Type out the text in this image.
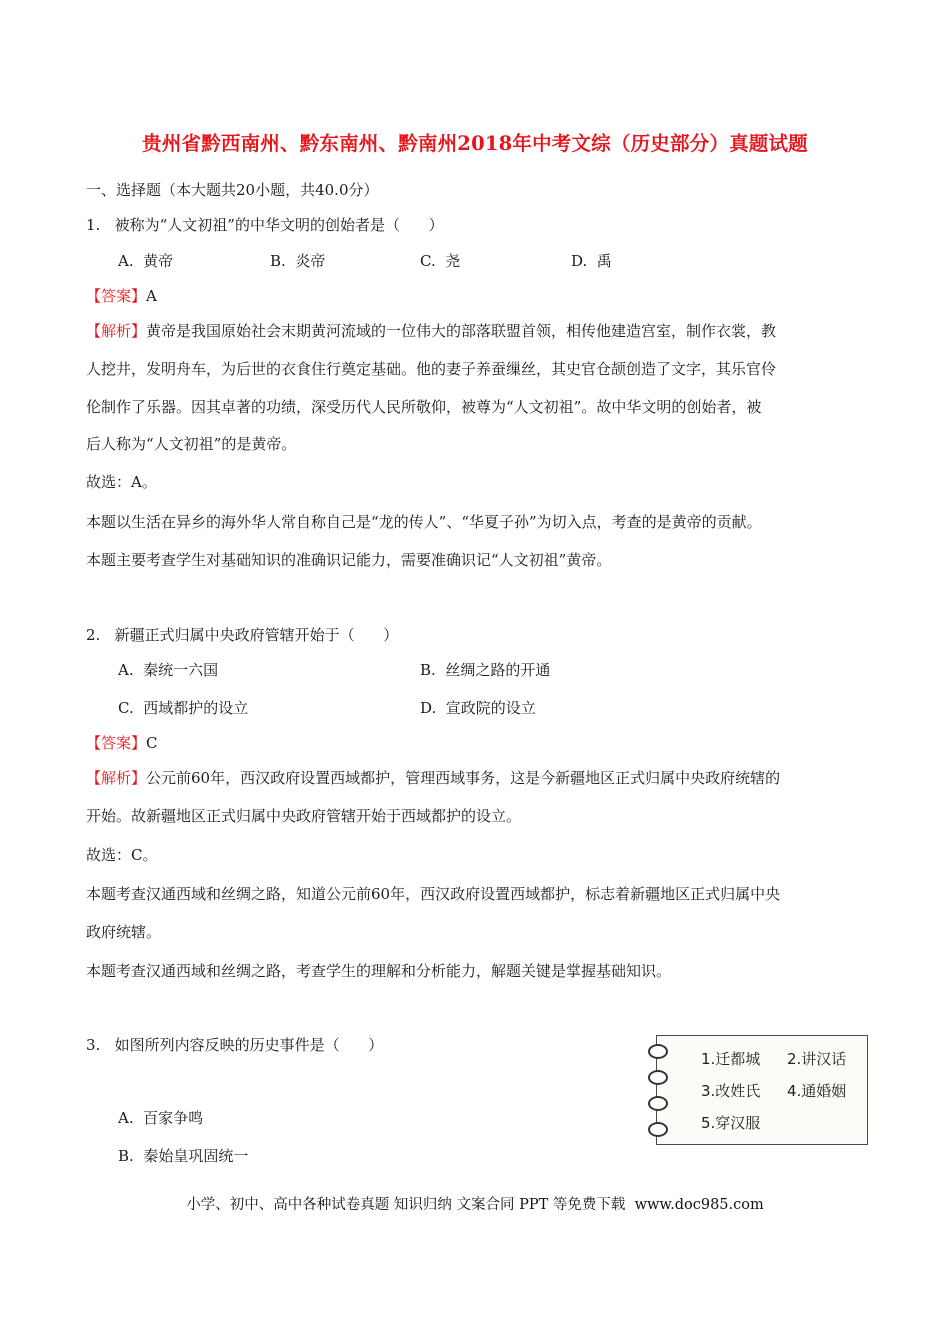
贵州省黔西南州、黔东南州、黔南州2018年中考文综（历史部分）真题试题
一、选择题（本大题共20小题，共40.0分）
1.   被称为“人文初祖”的中华文明的创始者是（      ）
A.  黄帝	B.  炎帝	C.  尧	D.  禹
【答案】A
【解析】黄帝是我国原始社会末期黄河流域的一位伟大的部落联盟首领，相传他建造宫室，制作衣裳，教
人挖井，发明舟车，为后世的衣食住行奠定基础。他的妻子养蚕缫丝，其史官仓颉创造了文字，其乐官伶
伦制作了乐器。因其卓著的功绩，深受历代人民所敬仰，被尊为“人文初祖”。故中华文明的创始者，被
后人称为“人文初祖”的是黄帝。
故选：A。
本题以生活在异乡的海外华人常自称自己是“龙的传人”、“华夏子孙”为切入点，考查的是黄帝的贡献。
本题主要考查学生对基础知识的准确识记能力，需要准确识记“人文初祖”黄帝。
2.   新疆正式归属中央政府管辖开始于（      ）
A.  秦统一六国	B.  丝绸之路的开通
C.  西域都护的设立	D.  宣政院的设立
【答案】C
【解析】公元前60年，西汉政府设置西域都护，管理西域事务，这是今新疆地区正式归属中央政府统辖的
开始。故新疆地区正式归属中央政府管辖开始于西域都护的设立。
故选：C。
本题考查汉通西域和丝绸之路，知道公元前60年，西汉政府设置西域都护，标志着新疆地区正式归属中央
政府统辖。
本题考查汉通西域和丝绸之路，考查学生的理解和分析能力，解题关键是掌握基础知识。
3.   如图所列内容反映的历史事件是（      ）
A.  百家争鸣
B.  秦始皇巩固统一
1.迁都城 2.讲汉话
3.改姓氏 4.通婚姻
5.穿汉服
小学、初中、高中各种试卷真题 知识归纳 文案合同 PPT 等免费下载  www.doc985.com
